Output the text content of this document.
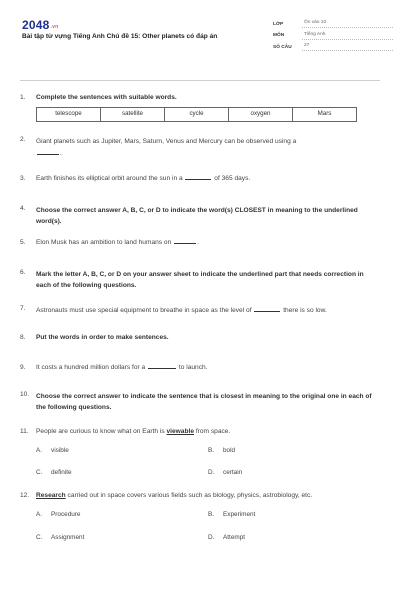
2048.vn
Bài tập từ vựng Tiếng Anh Chủ đề 15: Other planets có đáp án
LỚP	Ôn vào 10
MÔN	Tiếng Anh
SỐ CÂU	27
1.	Complete the sentences with suitable words.
telescope	satellite	cycle	oxygen	Mars
2.	Giant planets such as Jupiter, Mars, Saturn, Venus and Mercury can be observed using a
.
3.	Earth finishes its elliptical orbit around the sun in a	of 365 days.
4.	Choose the correct answer A, B, C, or D to indicate the word(s) CLOSEST in meaning to the underlined word(s).
5.	Elon Musk has an ambition to land humans on	.
6.	Mark the letter A, B, C, or D on your answer sheet to indicate the underlined part that needs correction in each of the following questions.
7.	Astronauts must use special equipment to breathe in space as the level of	there is so low.
8.	Put the words in order to make sentences.
9.	It costs a hundred million dollars for a	to launch.
10.	Choose the correct answer to indicate the sentence that is closest in meaning to the original one in each of the following questions.
11.	People are curious to know what on Earth is viewable from space.
A.	visible	B.	bold
C.	definite	D.	certain
12.	Research carried out in space covers various fields such as biology, physics, astrobiology, etc.
A.	Procedure	B.	Experiment
C.	Assignment	D.	Attempt
